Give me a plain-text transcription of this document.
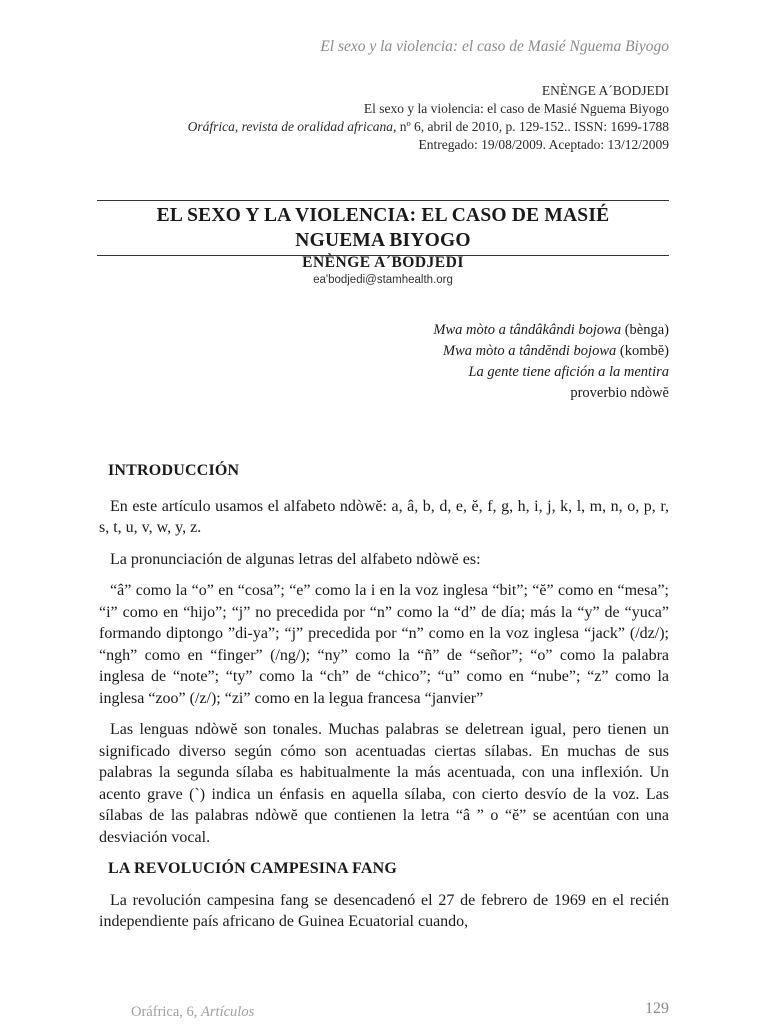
El sexo y la violencia: el caso de Masié Nguema Biyogo
ENÈNGE A´BODJEDI
El sexo y la violencia: el caso de Masié Nguema Biyogo
Oráfrica, revista de oralidad africana, nº 6, abril de 2010, p. 129-152.. ISSN: 1699-1788
Entregado: 19/08/2009. Aceptado: 13/12/2009
EL SEXO Y LA VIOLENCIA: EL CASO DE MASIÉ
NGUEMA BIYOGO
ENÈNGE A´BODJEDI
ea'bodjedi@stamhealth.org
Mwa mòto a tândâkândi bojowa (bènga)
Mwa mòto a tândĕndi bojowa (kombĕ)
La gente tiene afición a la mentira
proverbio ndòwĕ
INTRODUCCIÓN

En este artículo usamos el alfabeto ndòwĕ: a, â, b, d, e, ĕ, f, g, h, i, j, k, l, m, n, o, p, r, s, t, u, v, w, y, z.

La pronunciación de algunas letras del alfabeto ndòwĕ es:

“â” como la “o” en “cosa”; “e” como la i en la voz inglesa “bit”; “ĕ” como en “mesa”; “i” como en “hijo”; “j” no precedida por “n” como la “d” de día; más la “y” de “yuca” formando diptongo ”di-ya”; “j” precedida por “n” como en la voz inglesa “jack” (/dz/); “ngh” como en “finger” (/ng/); “ny” como la “ñ” de “señor”; “o” como la palabra inglesa de “note”; “ty” como la “ch” de “chico”; “u” como en “nube”; “z” como la inglesa “zoo” (/z/); “zi” como en la legua francesa “janvier”

Las lenguas ndòwĕ son tonales. Muchas palabras se deletrean igual, pero tienen un significado diverso según cómo son acentuadas ciertas sílabas. En muchas de sus palabras la segunda sílaba es habitualmente la más acentuada, con una inflexión. Un acento grave (`) indica un énfasis en aquella sílaba, con cierto desvío de la voz. Las sílabas de las palabras ndòwĕ que contienen la letra “â ” o “ĕ” se acentúan con una desviación vocal.

LA REVOLUCIÓN CAMPESINA FANG

La revolución campesina fang se desencadenó el 27 de febrero de 1969 en el recién independiente país africano de Guinea Ecuatorial cuando,

Oráfrica, 6, Artículos	129
